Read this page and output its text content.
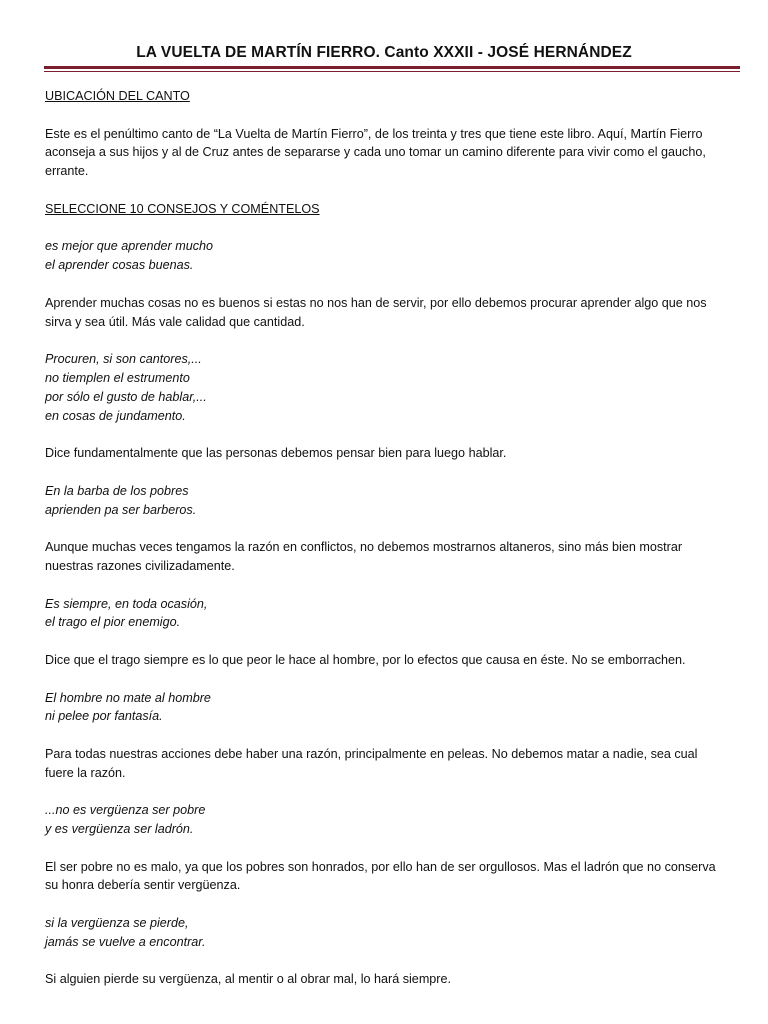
LA VUELTA DE MARTÍN FIERRO. Canto XXXII - JOSÉ HERNÁNDEZ

UBICACIÓN DEL CANTO

Este es el penúltimo canto de “La Vuelta de Martín Fierro”, de los treinta y tres que tiene este libro. Aquí, Martín Fierro aconseja a sus hijos y al de Cruz antes de separarse y cada uno tomar un camino diferente para vivir como el gaucho, errante.

SELECCIONE 10 CONSEJOS Y COMÉNTELOS

es mejor que aprender mucho
el aprender cosas buenas.

Aprender muchas cosas no es buenos si estas no nos han de servir, por ello debemos procurar aprender algo que nos sirva y sea útil. Más vale calidad que cantidad.

Procuren, si son cantores,...
no tiemplen el estrumento
por sólo el gusto de hablar,...
en cosas de jundamento.

Dice fundamentalmente que las personas debemos pensar bien para luego hablar.

En la barba de los pobres
aprienden pa ser barberos.

Aunque muchas veces tengamos la razón en conflictos, no debemos mostrarnos altaneros, sino más bien mostrar nuestras razones civilizadamente.

Es siempre, en toda ocasión,
el trago el pior enemigo.

Dice que el trago siempre es lo que peor le hace al hombre, por lo efectos que causa en éste. No se emborrachen.

El hombre no mate al hombre
ni pelee por fantasía.

Para todas nuestras acciones debe haber una razón, principalmente en peleas. No debemos matar a nadie, sea cual fuere la razón.

...no es vergüenza ser pobre
y es vergüenza ser ladrón.

El ser pobre no es malo, ya que los pobres son honrados, por ello han de ser orgullosos. Mas el ladrón que no conserva su honra debería sentir vergüenza.

si la vergüenza se pierde,
jamás se vuelve a encontrar.

Si alguien pierde su vergüenza, al mentir o al obrar mal, lo hará siempre.
